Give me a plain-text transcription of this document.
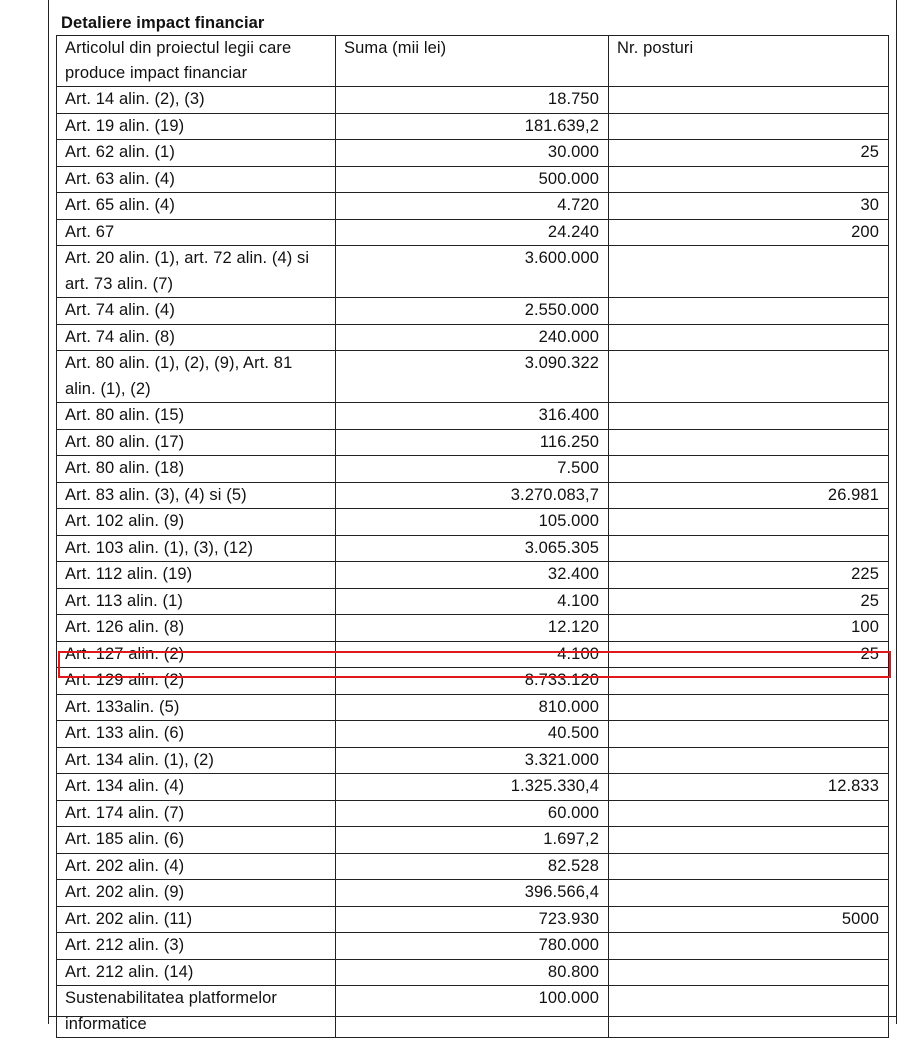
Detaliere impact financiar
Articolul din proiectul legii care produce impact financiar	Suma (mii lei)	Nr. posturi
Art. 14 alin. (2), (3)	18.750	
Art. 19 alin. (19)	181.639,2	
Art. 62 alin. (1)	30.000	25
Art. 63 alin. (4)	500.000	
Art. 65 alin. (4)	4.720	30
Art. 67	24.240	200
Art. 20 alin. (1), art. 72 alin. (4) si art. 73 alin. (7)	3.600.000	
Art. 74 alin. (4)	2.550.000	
Art. 74 alin. (8)	240.000	
Art. 80 alin. (1), (2), (9), Art. 81 alin. (1), (2)	3.090.322	
Art. 80 alin. (15)	316.400	
Art. 80 alin. (17)	116.250	
Art. 80 alin. (18)	7.500	
Art. 83 alin. (3), (4) si (5)	3.270.083,7	26.981
Art. 102 alin. (9)	105.000	
Art. 103 alin. (1), (3), (12)	3.065.305	
Art. 112 alin. (19)	32.400	225
Art. 113 alin. (1)	4.100	25
Art. 126 alin. (8)	12.120	100
Art. 127 alin. (2)	4.100	25
Art. 129 alin. (2)	8.733.120	
Art. 133alin. (5)	810.000	
Art. 133 alin. (6)	40.500	
Art. 134 alin. (1), (2)	3.321.000	
Art. 134 alin. (4)	1.325.330,4	12.833
Art. 174 alin. (7)	60.000	
Art. 185 alin. (6)	1.697,2	
Art. 202 alin. (4)	82.528	
Art. 202 alin. (9)	396.566,4	
Art. 202 alin. (11)	723.930	5000
Art. 212 alin. (3)	780.000	
Art. 212 alin. (14)	80.800	
Sustenabilitatea platformelor informatice	100.000	
